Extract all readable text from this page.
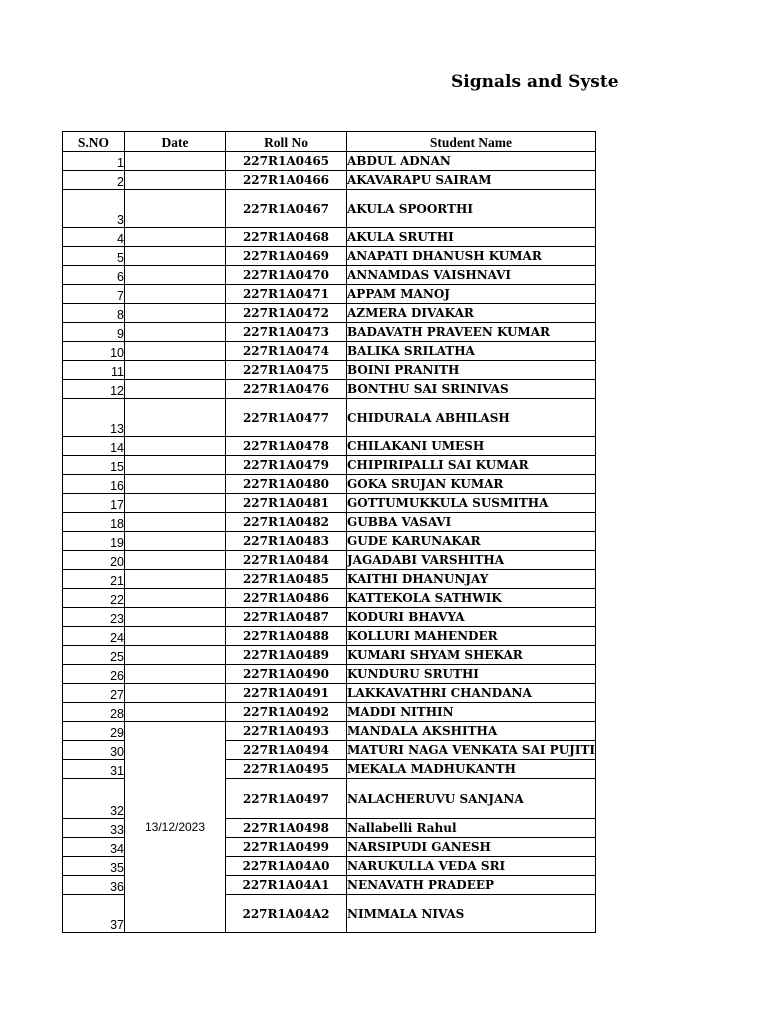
Signals and Syste
S.NO	Date	Roll No	Student Name
1		227R1A0465	ABDUL ADNAN
2		227R1A0466	AKAVARAPU SAIRAM
3		227R1A0467	AKULA SPOORTHI
4		227R1A0468	AKULA SRUTHI
5		227R1A0469	ANAPATI DHANUSH KUMAR
6		227R1A0470	ANNAMDAS VAISHNAVI
7		227R1A0471	APPAM MANOJ
8		227R1A0472	AZMERA DIVAKAR
9		227R1A0473	BADAVATH PRAVEEN KUMAR
10		227R1A0474	BALIKA SRILATHA
11		227R1A0475	BOINI PRANITH
12		227R1A0476	BONTHU SAI SRINIVAS
13		227R1A0477	CHIDURALA ABHILASH
14		227R1A0478	CHILAKANI UMESH
15		227R1A0479	CHIPIRIPALLI SAI KUMAR
16		227R1A0480	GOKA SRUJAN KUMAR
17		227R1A0481	GOTTUMUKKULA SUSMITHA
18		227R1A0482	GUBBA VASAVI
19		227R1A0483	GUDE KARUNAKAR
20		227R1A0484	JAGADABI VARSHITHA
21		227R1A0485	KAITHI DHANUNJAY
22		227R1A0486	KATTEKOLA SATHWIK
23		227R1A0487	KODURI BHAVYA
24		227R1A0488	KOLLURI MAHENDER
25		227R1A0489	KUMARI SHYAM SHEKAR
26		227R1A0490	KUNDURU SRUTHI
27		227R1A0491	LAKKAVATHRI CHANDANA
28		227R1A0492	MADDI NITHIN
29	13/12/2023	227R1A0493	MANDALA AKSHITHA
30		227R1A0494	MATURI NAGA VENKATA SAI PUJITI
31		227R1A0495	MEKALA MADHUKANTH
32		227R1A0497	NALACHERUVU SANJANA
33		227R1A0498	Nallabelli Rahul
34		227R1A0499	NARSIPUDI GANESH
35		227R1A04A0	NARUKULLA VEDA SRI
36		227R1A04A1	NENAVATH PRADEEP
37		227R1A04A2	NIMMALA NIVAS
